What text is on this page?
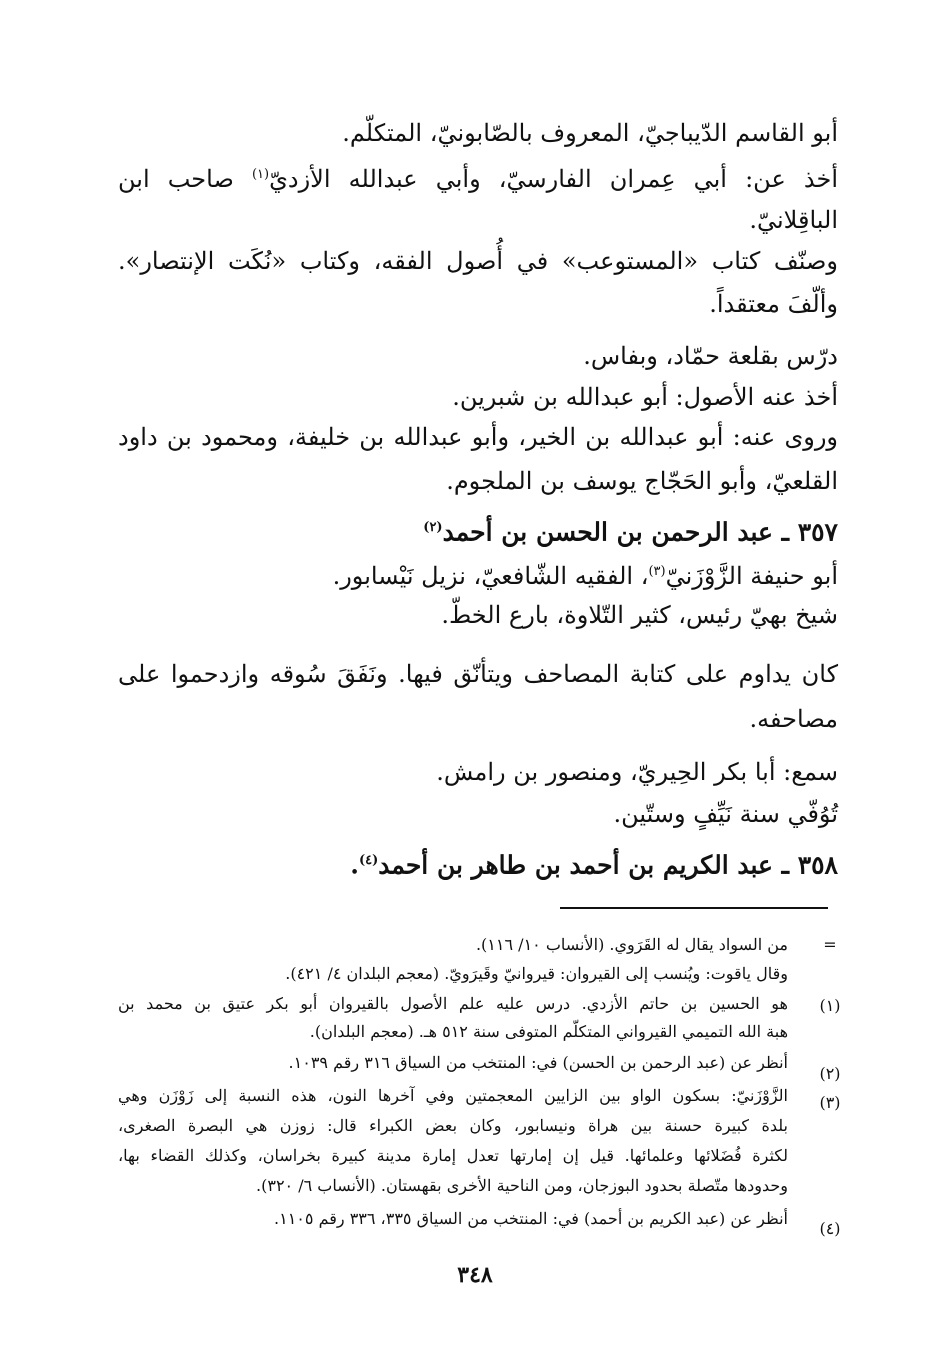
أبو القاسم الدّيباجيّ، المعروف بالصّابونيّ، المتكلّم.
أخذ عن: أبي عِمران الفارسيّ، وأبي عبدالله الأزديّ$^{(١)}$ صاحب ابن
الباقِلانيّ.
وصنّف كتاب «المستوعب» في أُصول الفقه، وكتاب «نُكَت الإنتصار».
وألّفَ معتقداً.
درّس بقلعة حمّاد، وبفاس.
أخذ عنه الأصول: أبو عبدالله بن شبرين.
وروى عنه: أبو عبدالله بن الخير، وأبو عبدالله بن خليفة، ومحمود بن داود
القلعيّ، وأبو الحَجّاج يوسف بن الملجوم.
٣٥٧ ـ عبد الرحمن بن الحسن بن أحمد$^{(٢)}$
أبو حنيفة الزَّوْزَنيّ$^{(٣)}$، الفقيه الشّافعيّ، نزيل نَيْسابور.
شيخ بهيّ رئيس، كثير التّلاوة، بارع الخطّ.
كان يداوم على كتابة المصاحف ويتأنّق فيها. ونَفَقَ سُوقه وازدحموا على
مصاحفه.
سمع: أبا بكر الحِيريّ، ومنصور بن رامش.
تُوُفّي سنة نَيِّفٍ وستّين.
٣٥٨ ـ عبد الكريم بن أحمد بن طاهر بن أحمد$^{(٤)}$.
=
من السواد يقال له القَرَوي. (الأنساب ١٠/ ١١٦).
وقال ياقوت: ويُنسب إلى القيروان: قيروانيّ وقَيرَويّ. (معجم البلدان ٤/ ٤٢١).
(١)
هو الحسين بن حاتم الأزدي. درس عليه علم الأصول بالقيروان أبو بكر عتيق بن محمد بن
هبة الله التميمي القيرواني المتكلّم المتوفى سنة ٥١٢ هـ. (معجم البلدان).
(٢)
أنظر عن (عبد الرحمن بن الحسن) في: المنتخب من السياق ٣١٦ رقم ١٠٣٩.
(٣)
الزَّوْزَنيّ: بسكون الواو بين الزايين المعجمتين وفي آخرها النون، هذه النسبة إلى زَوْزَن وهي
بلدة كبيرة حسنة بين هراة ونيسابور، وكان بعض الكبراء قال: زوزن هي البصرة الصغرى،
لكثرة فُضَلائها وعلمائها. قيل إن إمارتها تعدل إمارة مدينة كبيرة بخراسان، وكذلك القضاء بها،
وحدودها متّصلة بحدود البوزجان، ومن الناحية الأخرى بقهستان. (الأنساب ٦/ ٣٢٠).
(٤)
أنظر عن (عبد الكريم بن أحمد) في: المنتخب من السياق ٣٣٥، ٣٣٦ رقم ١١٠٥.
٣٤٨
